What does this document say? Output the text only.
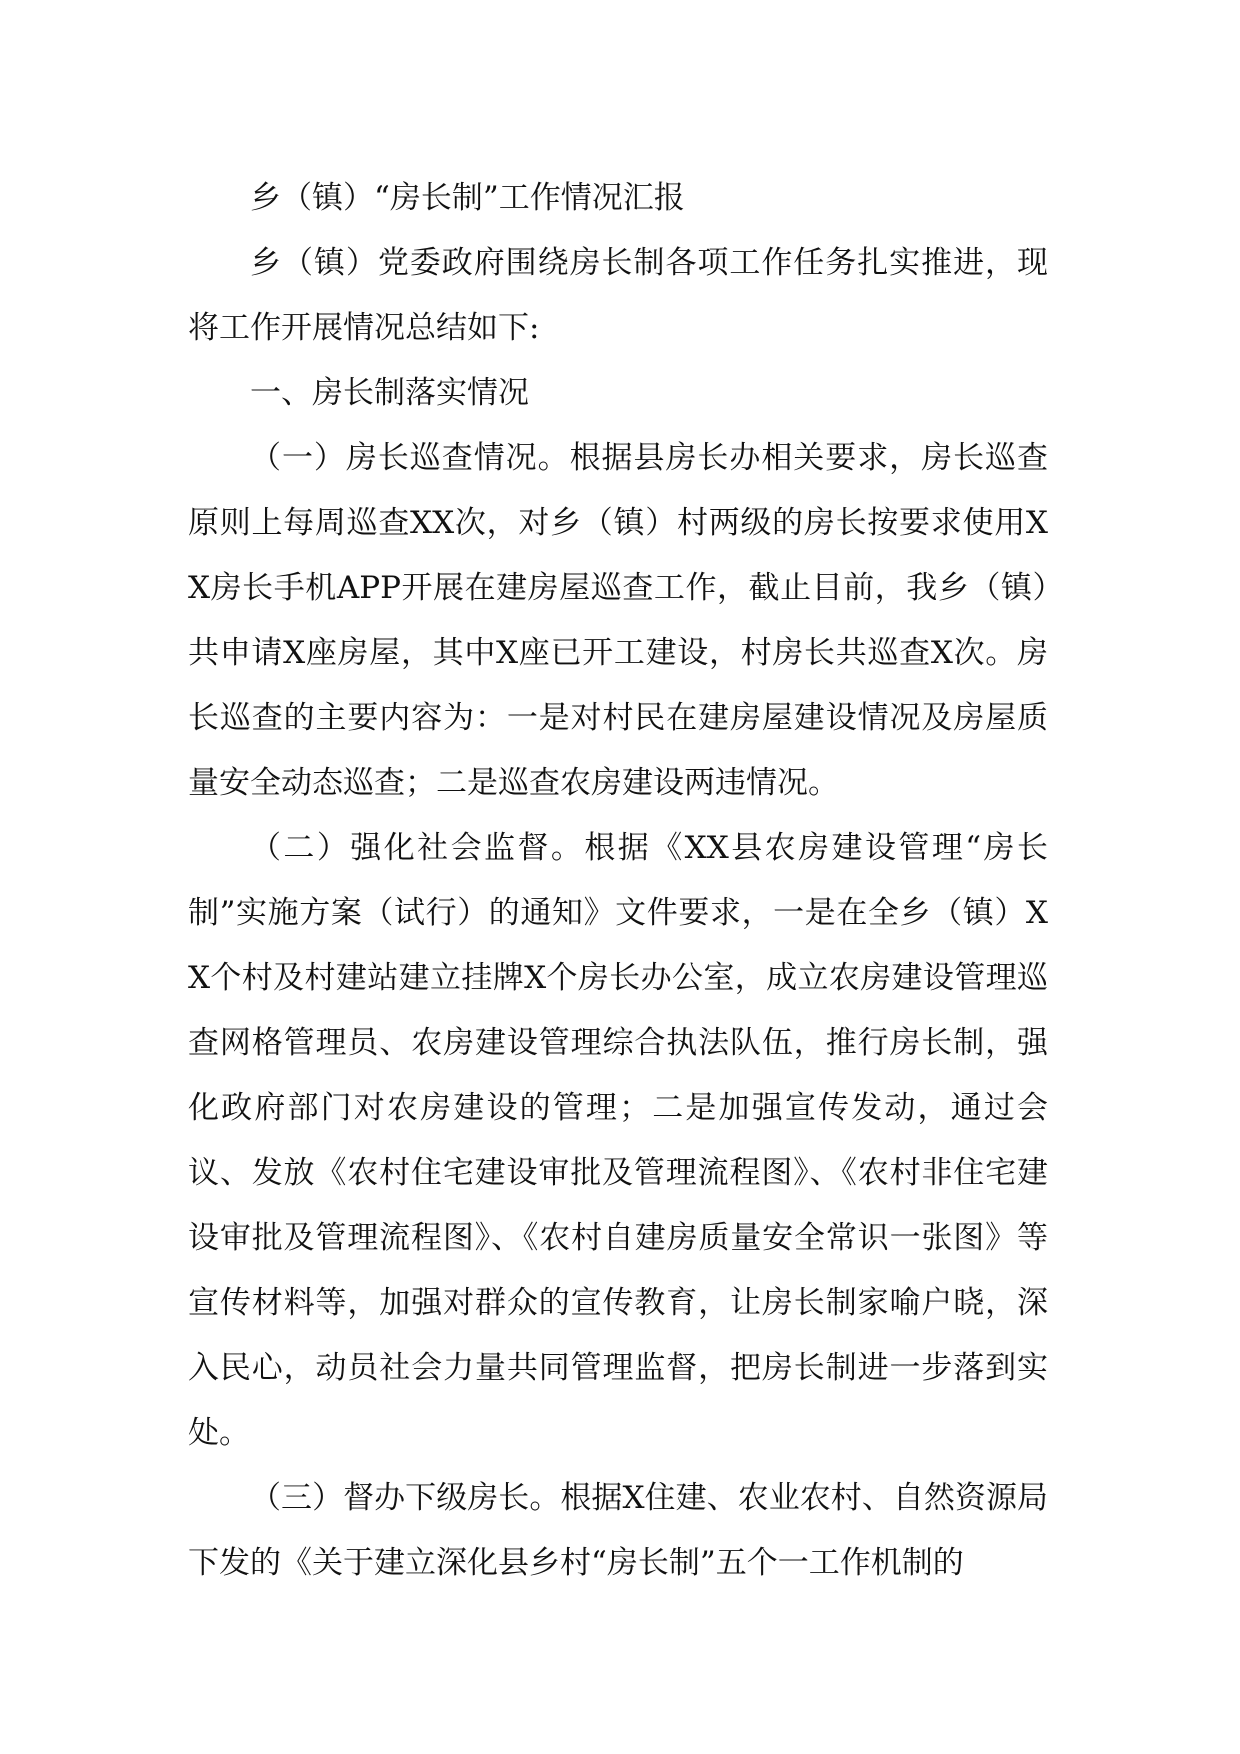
乡（镇）“房长制”工作情况汇报

乡（镇）党委政府围绕房长制各项工作任务扎实推进，现将工作开展情况总结如下:

一、房长制落实情况

（一）房长巡查情况。根据县房长办相关要求，房长巡查原则上每周巡查XX次，对乡（镇）村两级的房长按要求使用XX房长手机APP开展在建房屋巡查工作，截止目前，我乡（镇）共申请X座房屋，其中X座已开工建设，村房长共巡查X次。房长巡查的主要内容为：一是对村民在建房屋建设情况及房屋质量安全动态巡查；二是巡查农房建设两违情况。

（二）强化社会监督。根据《XX县农房建设管理“房长制”实施方案（试行）的通知》文件要求，一是在全乡（镇）XX个村及村建站建立挂牌X个房长办公室，成立农房建设管理巡查网格管理员、农房建设管理综合执法队伍，推行房长制，强化政府部门对农房建设的管理；二是加强宣传发动，通过会议、发放《农村住宅建设审批及管理流程图》、《农村非住宅建设审批及管理流程图》、《农村自建房质量安全常识一张图》等宣传材料等，加强对群众的宣传教育，让房长制家喻户晓，深入民心，动员社会力量共同管理监督，把房长制进一步落到实处。

（三）督办下级房长。根据X住建、农业农村、自然资源局下发的《关于建立深化县乡村“房长制”五个一工作机制的
